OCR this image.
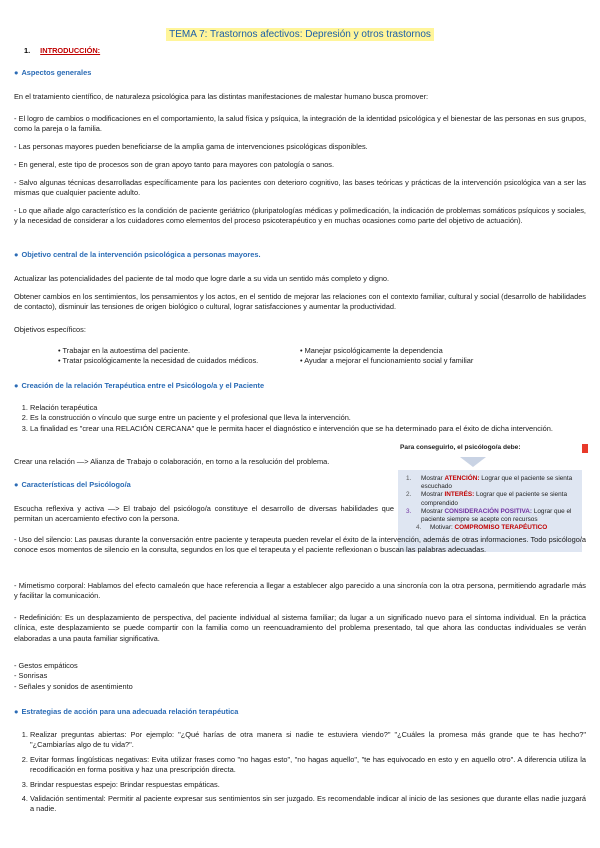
TEMA 7: Trastornos afectivos: Depresión y otros trastornos
1. INTRODUCCIÓN:
● Aspectos generales
En el tratamiento científico, de naturaleza psicológica para las distintas manifestaciones de malestar humano busca promover:
- El logro de cambios o modificaciones en el comportamiento, la salud física y psíquica, la integración de la identidad psicológica y el bienestar de las personas en sus grupos, como la pareja o la familia.
- Las personas mayores pueden beneficiarse de la amplia gama de intervenciones psicológicas disponibles.
- En general, este tipo de procesos son de gran apoyo tanto para mayores con patología o sanos.
- Salvo algunas técnicas desarrolladas específicamente para los pacientes con deterioro cognitivo, las bases teóricas y prácticas de la intervención psicológica van a ser las mismas que cualquier paciente adulto.
- Lo que añade algo característico es la condición de paciente geriátrico (pluripatologías médicas y polimedicación, la indicación de problemas somáticos psíquicos y sociales, y la necesidad de considerar a los cuidadores como elementos del proceso psicoterapéutico y en muchas ocasiones como parte del objetivo de actuación).
● Objetivo central de la intervención psicológica a personas mayores.
Actualizar las potencialidades del paciente de tal modo que logre darle a su vida un sentido más completo y digno.
Obtener cambios en los sentimientos, los pensamientos y los actos, en el sentido de mejorar las relaciones con el contexto familiar, cultural y social (desarrollo de habilidades de contacto), disminuir las tensiones de origen biológico o cultural, lograr satisfacciones y aumentar la productividad.
Objetivos específicos:
• Trabajar en la autoestima del paciente.
• Tratar psicológicamente la necesidad de cuidados médicos.
• Manejar psicológicamente la dependencia
• Ayudar a mejorar el funcionamiento social y familiar
● Creación de la relación Terapéutica entre el Psicólogo/a y el Paciente
1. Relación terapéutica
2. Es la construcción o vínculo que surge entre un paciente y el profesional que lleva la intervención.
3. La finalidad es "crear una RELACIÓN CERCANA" que le permita hacer el diagnóstico e intervención que se ha determinado para el éxito de dicha intervención.
Crear una relación —> Alianza de Trabajo o colaboración, en torno a la resolución del problema.
Para conseguirlo, el psicólogo/a debe:
1. Mostrar ATENCIÓN: Lograr que el paciente se sienta escuchado
2. Mostrar INTERÉS: Lograr que el paciente se sienta comprendido
3. Mostrar CONSIDERACIÓN POSITIVA: Lograr que el paciente siempre se acepte con recursos
4. Motivar: COMPROMISO TERAPÉUTICO
● Características del Psicólogo/a
Escucha reflexiva y activa —> El trabajo del psicólogo/a constituye el desarrollo de diversas habilidades que permitan un acercamiento efectivo con la persona.
- Uso del silencio: Las pausas durante la conversación entre paciente y terapeuta pueden revelar el éxito de la intervención, además de otras informaciones. Todo psicólogo/a conoce esos momentos de silencio en la consulta, segundos en los que el terapeuta y el paciente reflexionan o buscan las palabras adecuadas.
- Mimetismo corporal: Hablamos del efecto camaleón que hace referencia a llegar a establecer algo parecido a una sincronía con la otra persona, permitiendo agradarle más y facilitar la comunicación.
- Redefinición: Es un desplazamiento de perspectiva, del paciente individual al sistema familiar; da lugar a un significado nuevo para el síntoma individual. En la práctica clínica, este desplazamiento se puede compartir con la familia como un reencuadramiento del problema presentado, tal que ahora las conductas individuales se verán elaboradas a una pauta familiar significativa.
- Gestos empáticos
- Sonrisas
- Señales y sonidos de asentimiento
● Estrategias de acción para una adecuada relación terapéutica
1. Realizar preguntas abiertas: Por ejemplo: "¿Qué harías de otra manera si nadie te estuviera viendo?" "¿Cuáles la promesa más grande que te has hecho?" "¿Cambiarías algo de tu vida?".
2. Evitar formas lingüísticas negativas: Evita utilizar frases como "no hagas esto", "no hagas aquello", "te has equivocado en esto y en aquello otro". A diferencia utiliza la recodificación en forma positiva y haz una prescripción directa.
3. Brindar respuestas espejo: Brindar respuestas empáticas.
4. Validación sentimental: Permitir al paciente expresar sus sentimientos sin ser juzgado. Es recomendable indicar al inicio de las sesiones que durante ellas nadie juzgará a nadie.
